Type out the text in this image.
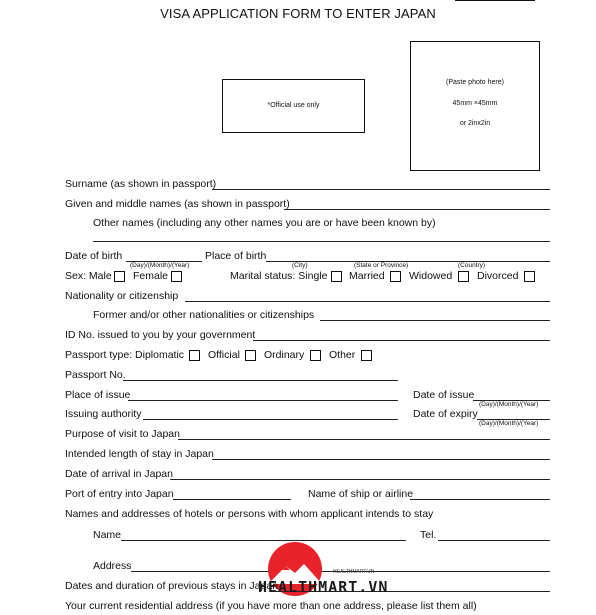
VISA APPLICATION FORM TO ENTER JAPAN
*Official use only
(Paste photo here)
45mm ×45mm
or 2inx2in
Surname (as shown in passport)
Given and middle names (as shown in passport)
Other names (including any other names you are or have been known by)
Date of birth
(Day)/(Month)/(Year)
Place of birth
(City)	(State or Province)	(Country)
Sex: Male Female	Marital status: Single Married Widowed Divorced
Nationality or citizenship
Former and/or other nationalities or citizenships
ID No. issued to you by your government
Passport type: Diplomatic Official Ordinary Other
Passport No.
Place of issue	Date of issue
(Day)/(Month)/(Year)
Issuing authority	Date of expiry
(Day)/(Month)/(Year)
Purpose of visit to Japan
Intended length of stay in Japan
Date of arrival in Japan
Port of entry into Japan	Name of ship or airline
Names and addresses of hotels or persons with whom applicant intends to stay
Name	Tel.
Address	HEALTHMART.VN
Dates and duration of previous stays in Japan
HEALTHMART.VN
Your current residential address (if you have more than one address, please list them all)
